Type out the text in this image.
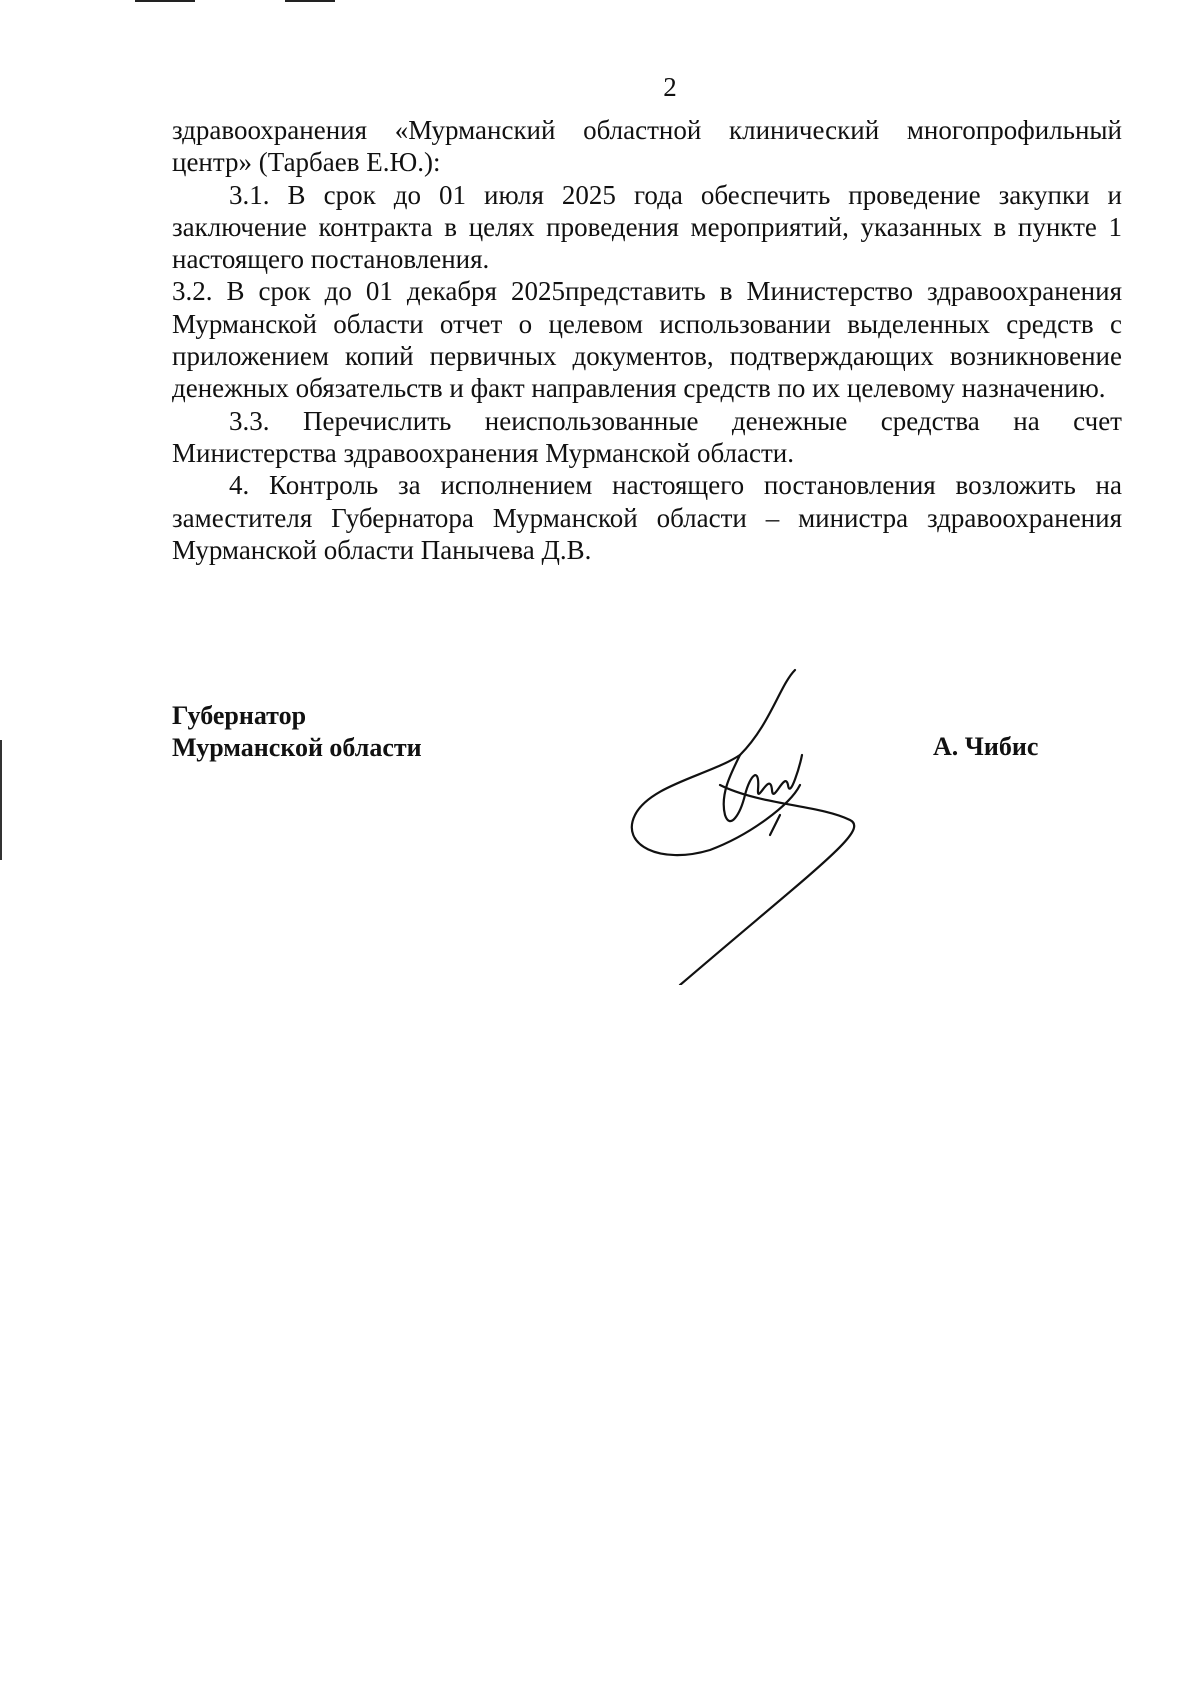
2

здравоохранения «Мурманский областной клинический многопрофильный центр» (Тарбаев Е.Ю.):

3.1. В срок до 01 июля 2025 года обеспечить проведение закупки и заключение контракта в целях проведения мероприятий, указанных в пункте 1 настоящего постановления.

3.2. В срок до 01 декабря 2025представить в Министерство здравоохранения Мурманской области отчет о целевом использовании выделенных средств с приложением копий первичных документов, подтверждающих возникновение денежных обязательств и факт направления средств по их целевому назначению.

3.3. Перечислить неиспользованные денежные средства на счет Министерства здравоохранения Мурманской области.

4. Контроль за исполнением настоящего постановления возложить на заместителя Губернатора Мурманской области – министра здравоохранения Мурманской области Панычева Д.В.

Губернатор
Мурманской области	А. Чибис
